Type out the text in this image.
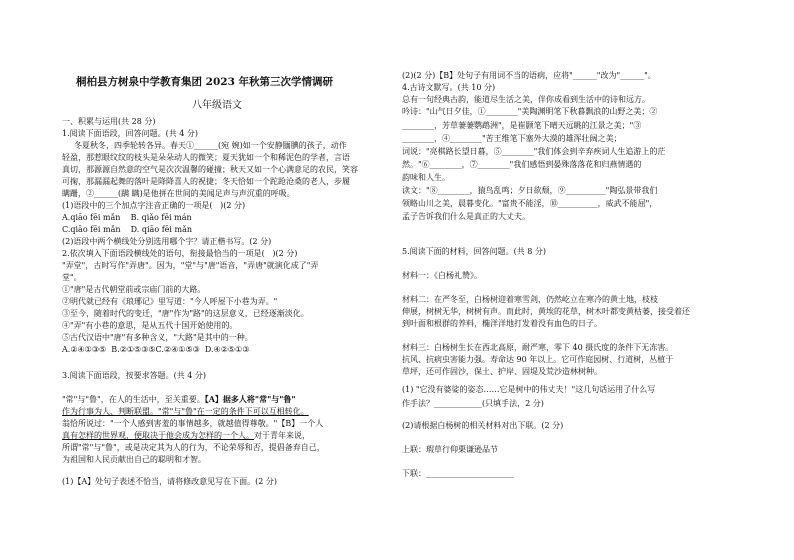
桐柏县方树泉中学教育集团 2023 年秋第三次学情调研
八年级语文
一、积累与运用(共 28 分)
1.阅读下面语段，回答问题。(共 4 分)
冬夏秋冬，四季轮转各异。春天①______(宛 婉)如一个安静腼腆的孩子，动作
轻盈，那惹眼纹纹的枝头是朵朵动人的微笑；夏天犹如一个和稀泥色的学者，言语
真切，那源源自然意的空气是次次温馨的碰撞；秋天又如一个心满意足的农民，笑容
可掬，那漏漏起舞的落叶是降降喜人的祝捷；冬天恰如一个跎跄沧桑的老人，步履
瞒跚，②______(蹒 瞒)是他拼在世间的美闻足声与声沉重的呼吸。
(1)语段中的三个加点字注音正确的一项是(   )(2 分)
A.qiāo fēi mǎn    B. qiǎo fēi mán
C.qiāo fēi mǎn    D. qiāo fēi mǎn
(2)语段中两个横线处分别选用哪个字？请正楷书写。(2 分)
2.依次填入下面语段横线处的语句，衔接最恰当的一项是(   )(2 分)
"弄堂"，古时写作"弄唐"。因为，"堂"与"唐"语音，"弄唐"就演化成了"弄
堂"。
①"唐"是古代朝堂前或宗庙门前的大路。
②明代就已经有《琅琊记》里写道："今人呼屋下小巷为弄。"
③至今，随着时代的变迁，"唐"作为"路"的这层意义，已经逐渐淡化。
④"弄"有小巷的意思，是从五代十国开始使用的。
⑤古代汉语中"唐"有多种含义，"大路"是其中的一种。
A.②④①③⑤  B.②①⑤③⑤C.②④①⑤③  D.④②⑤①③
3.阅读下面语段，按要求答题。(共 4 分)
"常"与"鲁"，在人的生活中，至关重要。【A】据多人将"常"与"鲁"
作为行事为人、判断联盟。"常"与"鲁"在一定的条件下可以互相转化。
翁恰所说过："一个人感到害羞的事情越多，就越值得尊敬。"【B】一个人
真有怎样的世界观，便取决于他会成为怎样的一个人。对于青年来说，
所谓"常"与"鲁"，或是决定其为人的行为，不论荣辱和否，提倡备弃自己，
为祖国和人民贡献出自己的聪明和才智。
(1)【A】处句子表述不恰当，请将修改意见写在下面。(2 分)
(2)(2 分)【B】处句子有用词不当的语病，应将"______"改为"______"。
4.古诗文默写。(共 10 分)
总有一句经典古韵，能道尽生活之美，伴你成看到生活中的诗和远方。
吟诗："山气日夕佳，①________"美陶渊明笔下秋暮飘浪的山野之美；②
________，芳草萋萋鹦鹉洲"，是崔颢笔下晴天远眺的江景之美；"③
________，④________"苦王维笔下塞外大漠的雄浑壮阔之美；
词说："亮棋路长望日暮，⑤________"我们体会到辛弃疾词人生追游上的茫
然。"⑥________，⑦________"我们感悟到晏殊落落花和归燕情遇的
韵味和人生。
读文："⑧________，猿鸟乱鸣；夕日欲颓，⑨__________"陶弘景带我们
领略山川之美，晨暮变化。"富贵不能淫，⑩__________，威武不能屈"，
孟子告诉我们什么是真正的大丈夫。
5.阅读下面的材料，回答问题。(共 8 分)
材料一：《白杨礼赞》。
材料二：在严冬至，白杨树迎着寒雪剑，仍然屹立在寒冷的黄土地，枝枝
伸展，树树无华，树树有声。而此时，黄埃的花草，树木叶都变黄枯萎，接受着还
到叶面和根群的养料，椭洋洋地打发着没有血色的日子。
材料三：白杨树生长在西北高原，耐严寒，零下 40 摄氏度的条件下无冻害。
抗风、抗病虫害能力强。寿命达 90 年以上。它可作庭园树、行道树，丛植于
草坪，还可作固沙，保土、护岸、固堤及荒沙造林树种。
(1) "它没有婆娑的姿态……它是树中的伟丈夫！"这几句话运用了什么写
作手法？____________(只填手法，2 分)
(2)请根据白杨树的相关材料对出下联。(2 分)
上联：瑕草行仰栗谦逊品节
下联：______________________
